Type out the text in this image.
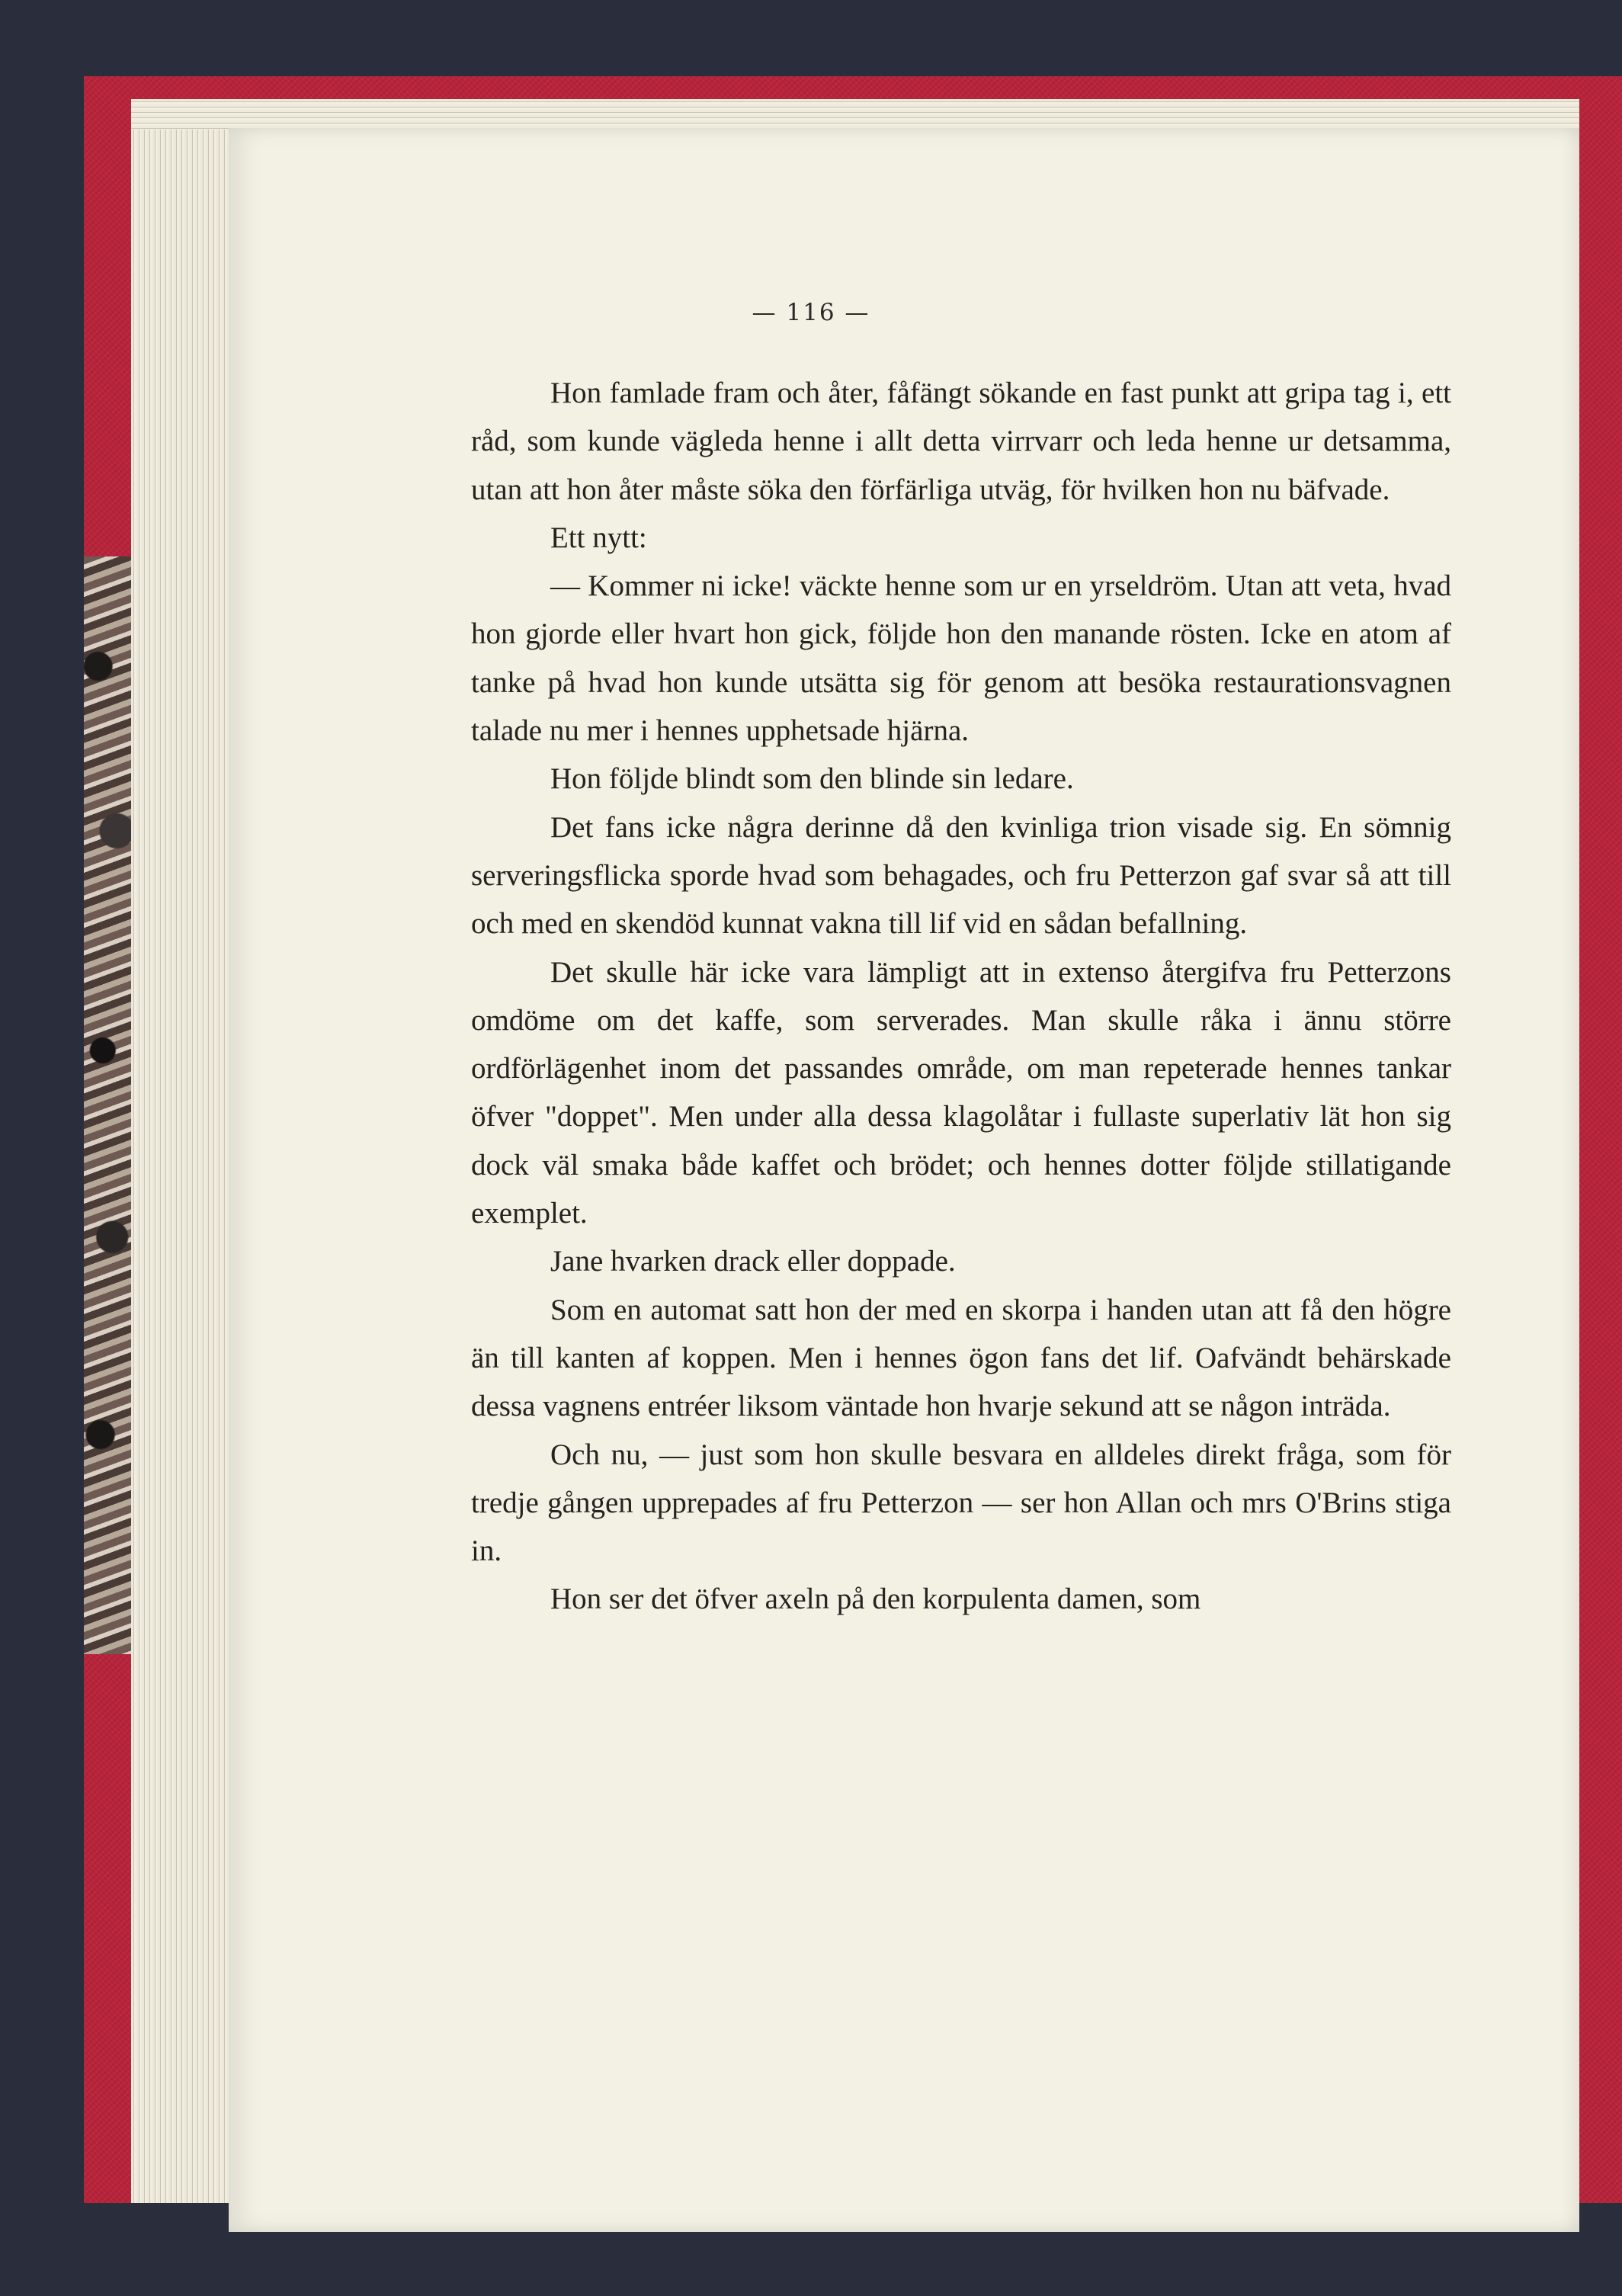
— 116 —

Hon famlade fram och åter, fåfängt sökande en fast punkt att gripa tag i, ett råd, som kunde vägleda henne i allt detta virrvarr och leda henne ur detsamma, utan att hon åter måste söka den förfärliga utväg, för hvilken hon nu bäfvade.

Ett nytt:

— Kommer ni icke! väckte henne som ur en yrseldröm. Utan att veta, hvad hon gjorde eller hvart hon gick, följde hon den manande rösten. Icke en atom af tanke på hvad hon kunde utsätta sig för genom att besöka restaurationsvagnen talade nu mer i hennes upphetsade hjärna.

Hon följde blindt som den blinde sin ledare.

Det fans icke några derinne då den kvinliga trion visade sig. En sömnig serveringsflicka sporde hvad som behagades, och fru Petterzon gaf svar så att till och med en skendöd kunnat vakna till lif vid en sådan befallning.

Det skulle här icke vara lämpligt att in extenso återgifva fru Petterzons omdöme om det kaffe, som serverades. Man skulle råka i ännu större ordförlägenhet inom det passandes område, om man repeterade hennes tankar öfver "doppet". Men under alla dessa klagolåtar i fullaste superlativ lät hon sig dock väl smaka både kaffet och brödet; och hennes dotter följde stillatigande exemplet.

Jane hvarken drack eller doppade.

Som en automat satt hon der med en skorpa i handen utan att få den högre än till kanten af koppen. Men i hennes ögon fans det lif. Oafvändt behärskade dessa vagnens entréer liksom väntade hon hvarje sekund att se någon inträda.

Och nu, — just som hon skulle besvara en alldeles direkt fråga, som för tredje gången upprepades af fru Petterzon — ser hon Allan och mrs O'Brins stiga in.

Hon ser det öfver axeln på den korpulenta damen, som
